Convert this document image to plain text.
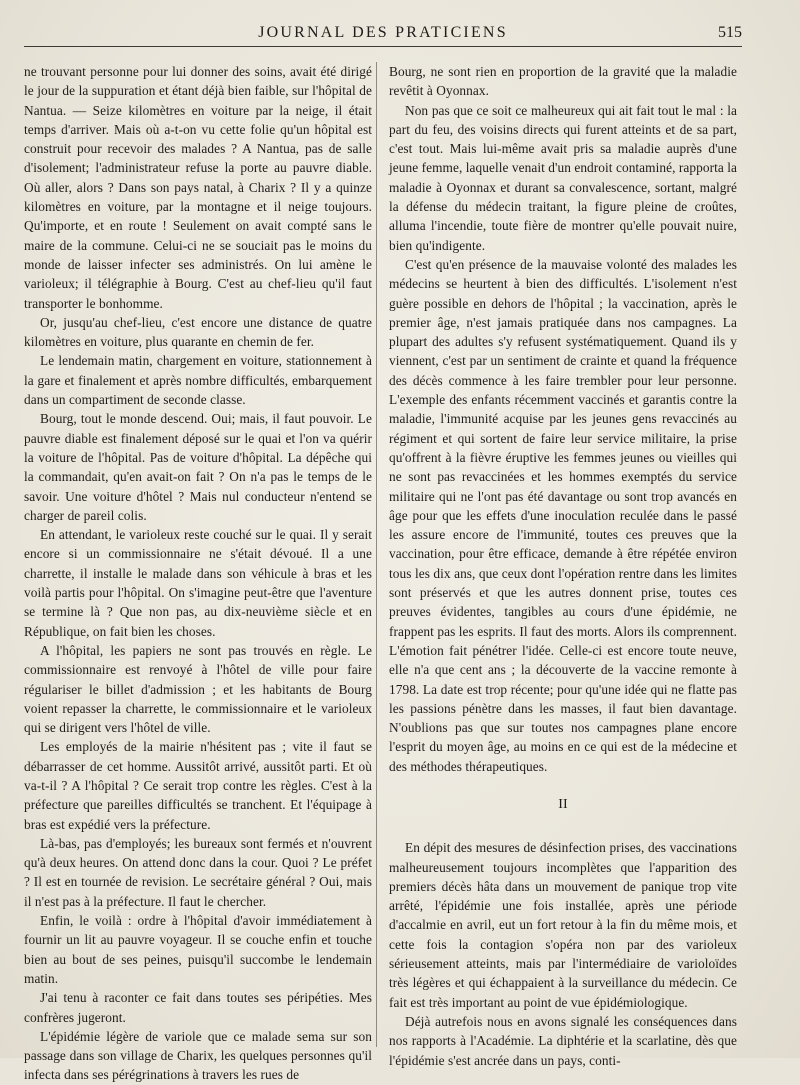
JOURNAL DES PRATICIENS	515

ne trouvant personne pour lui donner des soins, avait été dirigé le jour de la suppuration et étant déjà bien faible, sur l'hôpital de Nantua. — Seize kilomètres en voiture par la neige, il était temps d'arriver. Mais où a-t-on vu cette folie qu'un hôpital est construit pour recevoir des malades ? A Nantua, pas de salle d'isolement; l'administrateur refuse la porte au pauvre diable. Où aller, alors ? Dans son pays natal, à Charix ? Il y a quinze kilomètres en voiture, par la montagne et il neige toujours. Qu'importe, et en route ! Seulement on avait compté sans le maire de la commune. Celui-ci ne se souciait pas le moins du monde de laisser infecter ses administrés. On lui amène le varioleux; il télégraphie à Bourg. C'est au chef-lieu qu'il faut transporter le bonhomme.

Or, jusqu'au chef-lieu, c'est encore une distance de quatre kilomètres en voiture, plus quarante en chemin de fer.

Le lendemain matin, chargement en voiture, stationnement à la gare et finalement et après nombre difficultés, embarquement dans un compartiment de seconde classe.

Bourg, tout le monde descend. Oui; mais, il faut pouvoir. Le pauvre diable est finalement déposé sur le quai et l'on va quérir la voiture de l'hôpital. Pas de voiture d'hôpital. La dépêche qui la commandait, qu'en avait-on fait ? On n'a pas le temps de le savoir. Une voiture d'hôtel ? Mais nul conducteur n'entend se charger de pareil colis.

En attendant, le varioleux reste couché sur le quai. Il y serait encore si un commissionnaire ne s'était dévoué. Il a une charrette, il installe le malade dans son véhicule à bras et les voilà partis pour l'hôpital. On s'imagine peut-être que l'aventure se termine là ? Que non pas, au dix-neuvième siècle et en République, on fait bien les choses.

A l'hôpital, les papiers ne sont pas trouvés en règle. Le commissionnaire est renvoyé à l'hôtel de ville pour faire régulariser le billet d'admission ; et les habitants de Bourg voient repasser la charrette, le commissionnaire et le varioleux qui se dirigent vers l'hôtel de ville.

Les employés de la mairie n'hésitent pas ; vite il faut se débarrasser de cet homme. Aussitôt arrivé, aussitôt parti. Et où va-t-il ? A l'hôpital ? Ce serait trop contre les règles. C'est à la préfecture que pareilles difficultés se tranchent. Et l'équipage à bras est expédié vers la préfecture.

Là-bas, pas d'employés; les bureaux sont fermés et n'ouvrent qu'à deux heures. On attend donc dans la cour. Quoi ? Le préfet ? Il est en tournée de revision. Le secrétaire général ? Oui, mais il n'est pas à la préfecture. Il faut le chercher.

Enfin, le voilà : ordre à l'hôpital d'avoir immédiatement à fournir un lit au pauvre voyageur. Il se couche enfin et touche bien au bout de ses peines, puisqu'il succombe le lendemain matin.

J'ai tenu à raconter ce fait dans toutes ses péripéties. Mes confrères jugeront.

L'épidémie légère de variole que ce malade sema sur son passage dans son village de Charix, les quelques personnes qu'il infecta dans ses pérégrinations à travers les rues de

Bourg, ne sont rien en proportion de la gravité que la maladie revêtit à Oyonnax.

Non pas que ce soit ce malheureux qui ait fait tout le mal : la part du feu, des voisins directs qui furent atteints et de sa part, c'est tout. Mais lui-même avait pris sa maladie auprès d'une jeune femme, laquelle venait d'un endroit contaminé, rapporta la maladie à Oyonnax et durant sa convalescence, sortant, malgré la défense du médecin traitant, la figure pleine de croûtes, alluma l'incendie, toute fière de montrer qu'elle pouvait nuire, bien qu'indigente.

C'est qu'en présence de la mauvaise volonté des malades les médecins se heurtent à bien des difficultés. L'isolement n'est guère possible en dehors de l'hôpital ; la vaccination, après le premier âge, n'est jamais pratiquée dans nos campagnes. La plupart des adultes s'y refusent systématiquement. Quand ils y viennent, c'est par un sentiment de crainte et quand la fréquence des décès commence à les faire trembler pour leur personne. L'exemple des enfants récemment vaccinés et garantis contre la maladie, l'immunité acquise par les jeunes gens revaccinés au régiment et qui sortent de faire leur service militaire, la prise qu'offrent à la fièvre éruptive les femmes jeunes ou vieilles qui ne sont pas revaccinées et les hommes exemptés du service militaire qui ne l'ont pas été davantage ou sont trop avancés en âge pour que les effets d'une inoculation reculée dans le passé les assure encore de l'immunité, toutes ces preuves que la vaccination, pour être efficace, demande à être répétée environ tous les dix ans, que ceux dont l'opération rentre dans les limites sont préservés et que les autres donnent prise, toutes ces preuves évidentes, tangibles au cours d'une épidémie, ne frappent pas les esprits. Il faut des morts. Alors ils comprennent. L'émotion fait pénétrer l'idée. Celle-ci est encore toute neuve, elle n'a que cent ans ; la découverte de la vaccine remonte à 1798. La date est trop récente; pour qu'une idée qui ne flatte pas les passions pénètre dans les masses, il faut bien davantage. N'oublions pas que sur toutes nos campagnes plane encore l'esprit du moyen âge, au moins en ce qui est de la médecine et des méthodes thérapeutiques.

II

En dépit des mesures de désinfection prises, des vaccinations malheureusement toujours incomplètes que l'apparition des premiers décès hâta dans un mouvement de panique trop vite arrêté, l'épidémie une fois installée, après une période d'accalmie en avril, eut un fort retour à la fin du même mois, et cette fois la contagion s'opéra non par des varioleux sérieusement atteints, mais par l'intermédiaire de varioloïdes très légères et qui échappaient à la surveillance du médecin. Ce fait est très important au point de vue épidémiologique.

Déjà autrefois nous en avons signalé les conséquences dans nos rapports à l'Académie. La diphtérie et la scarlatine, dès que l'épidémie s'est ancrée dans un pays, conti-
